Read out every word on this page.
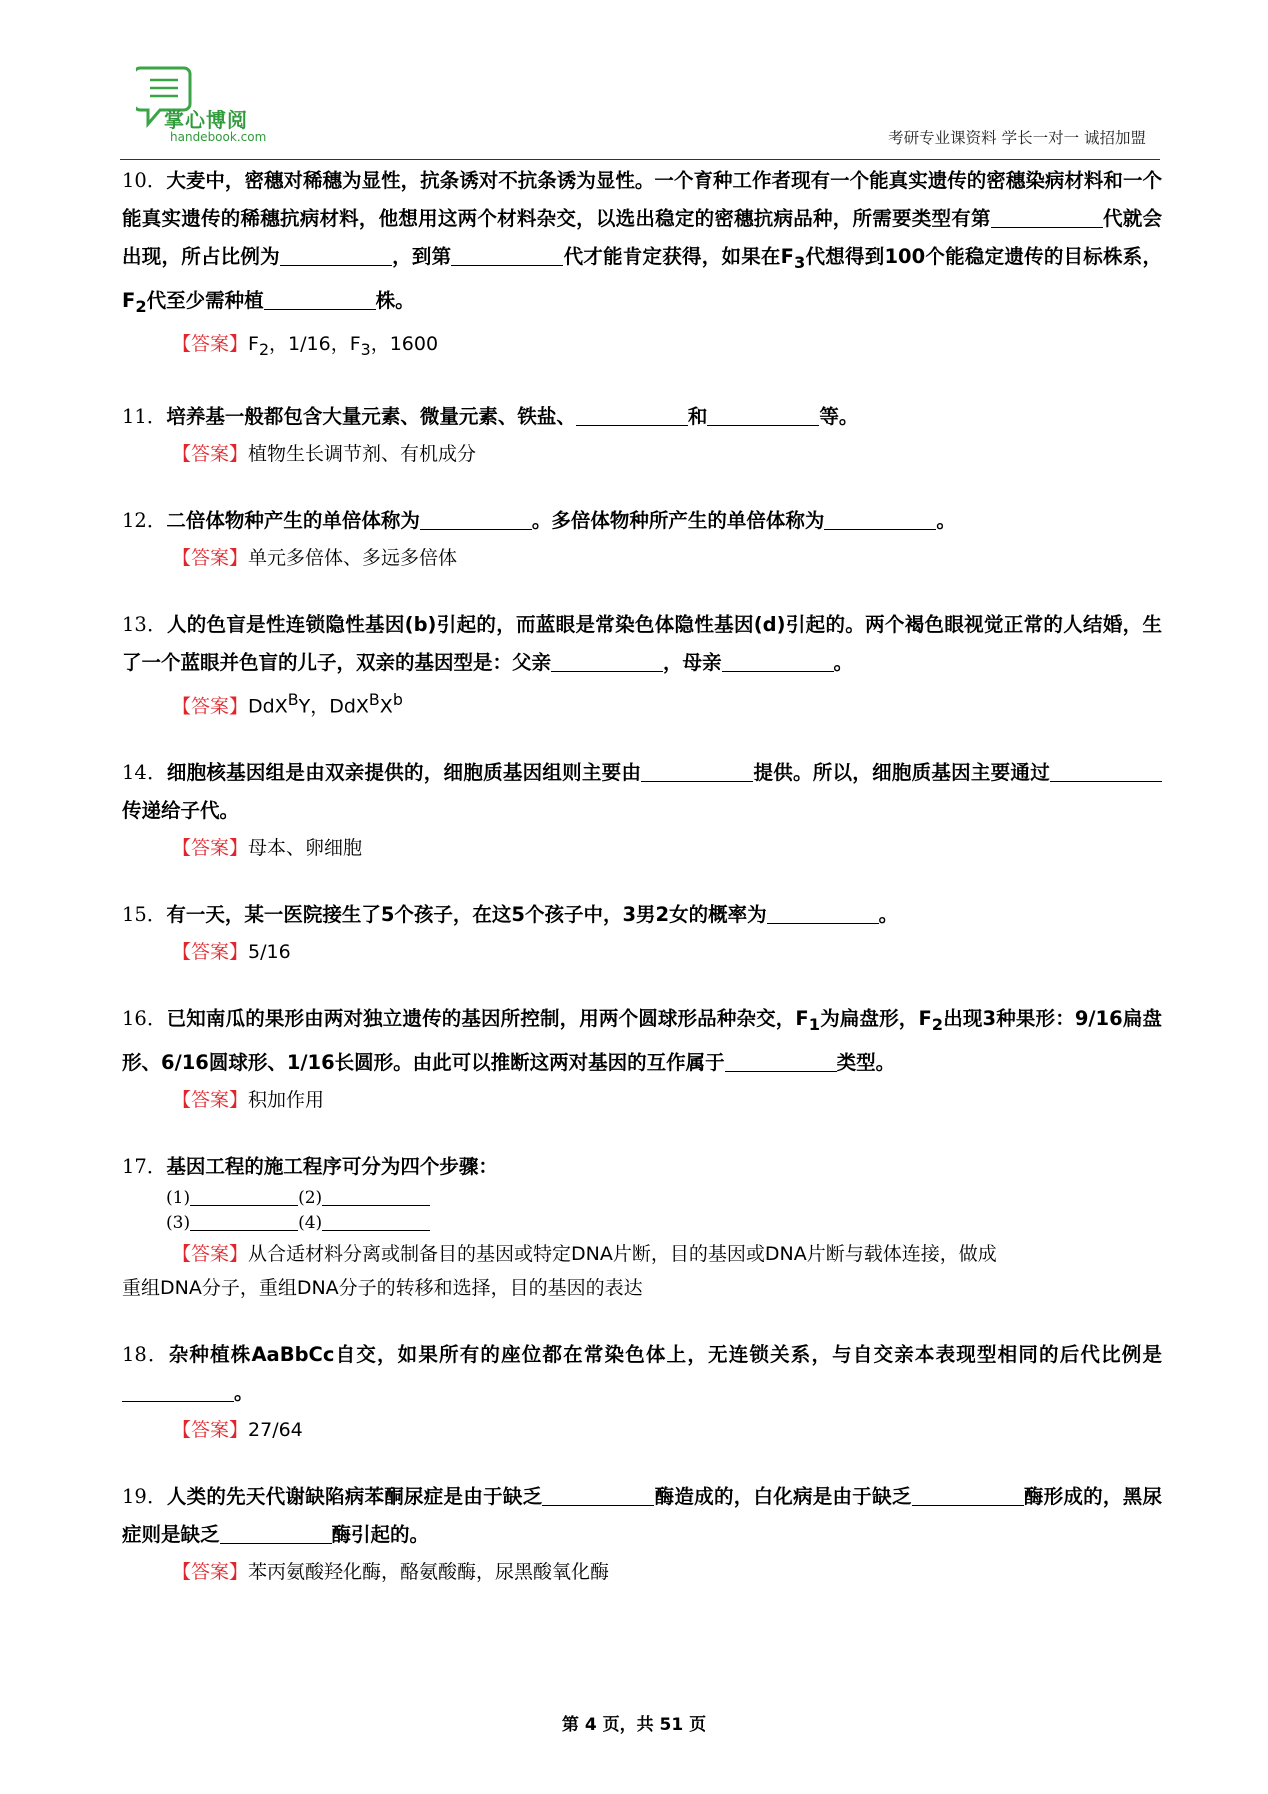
掌心博阅
handebook.com	考研专业课资料 学长一对一 诚招加盟
10．大麦中，密穗对稀穗为显性，抗条诱对不抗条诱为显性。一个育种工作者现有一个能真实遗传的密穗染病材料和一个能真实遗传的稀穗抗病材料，他想用这两个材料杂交，以选出稳定的密穗抗病品种，所需要类型有第	代就会出现，所占比例为	，到第	代才能肯定获得，如果在$F_3$代想得到100个能稳定遗传的目标株系，$F_2$代至少需种植	株。
【答案】$F_2$，1/16，$F_3$，1600
11．培养基一般都包含大量元素、微量元素、铁盐、	和	等。
【答案】植物生长调节剂、有机成分
12．二倍体物种产生的单倍体称为	。多倍体物种所产生的单倍体称为	。
【答案】单元多倍体、多远多倍体
13．人的色盲是性连锁隐性基因(b)引起的，而蓝眼是常染色体隐性基因(d)引起的。两个褐色眼视觉正常的人结婚，生了一个蓝眼并色盲的儿子，双亲的基因型是：父亲	，母亲	。
【答案】DdX$^B$Y，$DdX^BX^b$
14．细胞核基因组是由双亲提供的，细胞质基因组则主要由	提供。所以，细胞质基因主要通过传递给子代。
【答案】母本、卵细胞
15．有一天，某一医院接生了5个孩子，在这5个孩子中，3男2女的概率为	。
【答案】5/16
16．已知南瓜的果形由两对独立遗传的基因所控制，用两个圆球形品种杂交，$F_1$为扁盘形，$F_2$出现3种果形：9/16扁盘形、6/16圆球形、1/16长圆形。由此可以推断这两对基因的互作属于	类型。
【答案】积加作用
17．基因工程的施工程序可分为四个步骤：
(1)	(2)
(3)	(4)
【答案】从合适材料分离或制备目的基因或特定DNA片断，目的基因或DNA片断与载体连接，做成
重组DNA分子，重组DNA分子的转移和选择，目的基因的表达
18．杂种植株AaBbCc自交，如果所有的座位都在常染色体上，无连锁关系，与自交亲本表现型相同的后代比例是。
【答案】27/64
19．人类的先天代谢缺陷病苯酮尿症是由于缺乏	酶造成的，白化病是由于缺乏	酶形成的，黑尿症则是缺乏	酶引起的。
【答案】苯丙氨酸羟化酶，酪氨酸酶，尿黑酸氧化酶
第 4 页，共 51 页
